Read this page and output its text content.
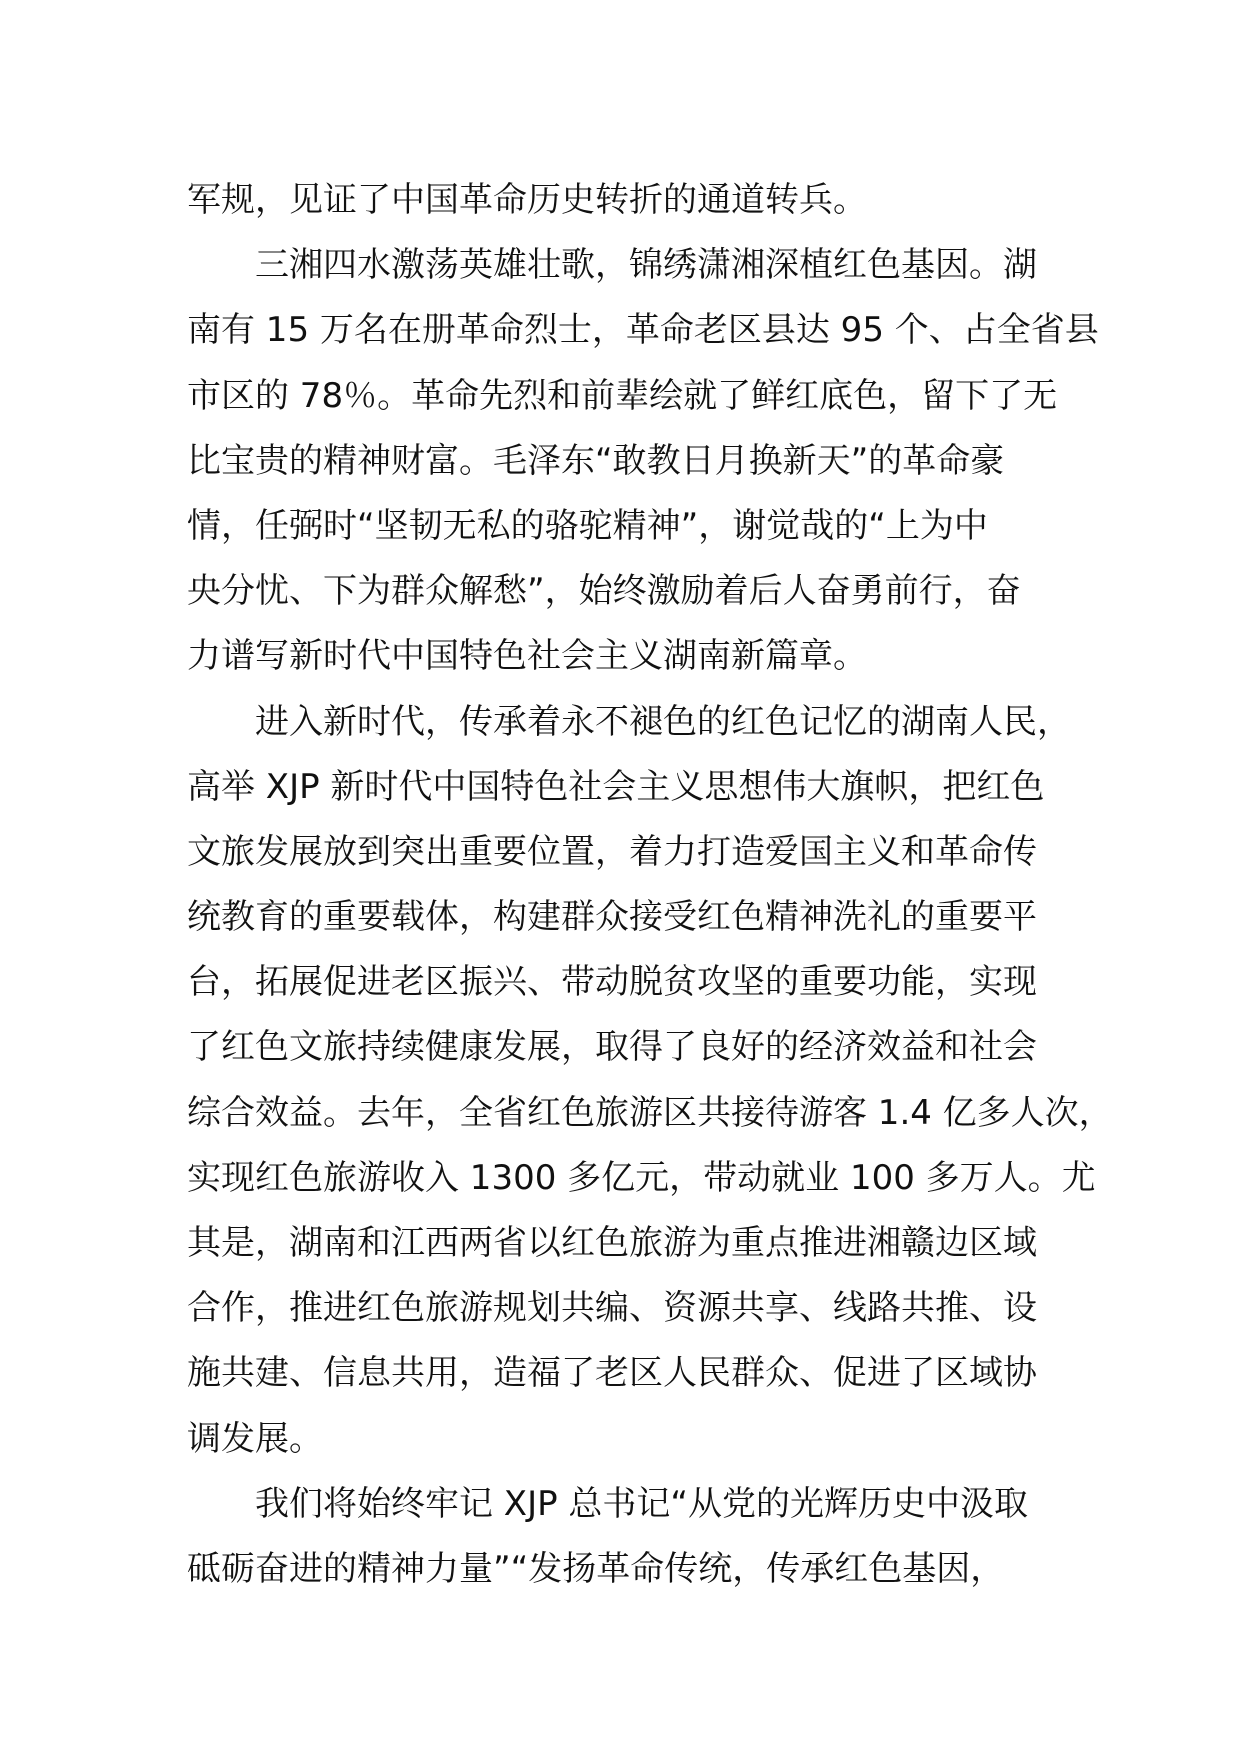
军规，见证了中国革命历史转折的通道转兵。
三湘四水激荡英雄壮歌，锦绣潇湘深植红色基因。湖
南有 15 万名在册革命烈士，革命老区县达 95 个、占全省县
市区的 78％。革命先烈和前辈绘就了鲜红底色，留下了无
比宝贵的精神财富。毛泽东“敢教日月换新天”的革命豪
情，任弼时“坚韧无私的骆驼精神”，谢觉哉的“上为中
央分忧、下为群众解愁”，始终激励着后人奋勇前行，奋
力谱写新时代中国特色社会主义湖南新篇章。
进入新时代，传承着永不褪色的红色记忆的湖南人民，
高举 XJP 新时代中国特色社会主义思想伟大旗帜，把红色
文旅发展放到突出重要位置，着力打造爱国主义和革命传
统教育的重要载体，构建群众接受红色精神洗礼的重要平
台，拓展促进老区振兴、带动脱贫攻坚的重要功能，实现
了红色文旅持续健康发展，取得了良好的经济效益和社会
综合效益。去年，全省红色旅游区共接待游客 1.4 亿多人次，
实现红色旅游收入 1300 多亿元，带动就业 100 多万人。尤
其是，湖南和江西两省以红色旅游为重点推进湘赣边区域
合作，推进红色旅游规划共编、资源共享、线路共推、设
施共建、信息共用，造福了老区人民群众、促进了区域协
调发展。
我们将始终牢记 XJP 总书记“从党的光辉历史中汲取
砥砺奋进的精神力量”“发扬革命传统，传承红色基因，
